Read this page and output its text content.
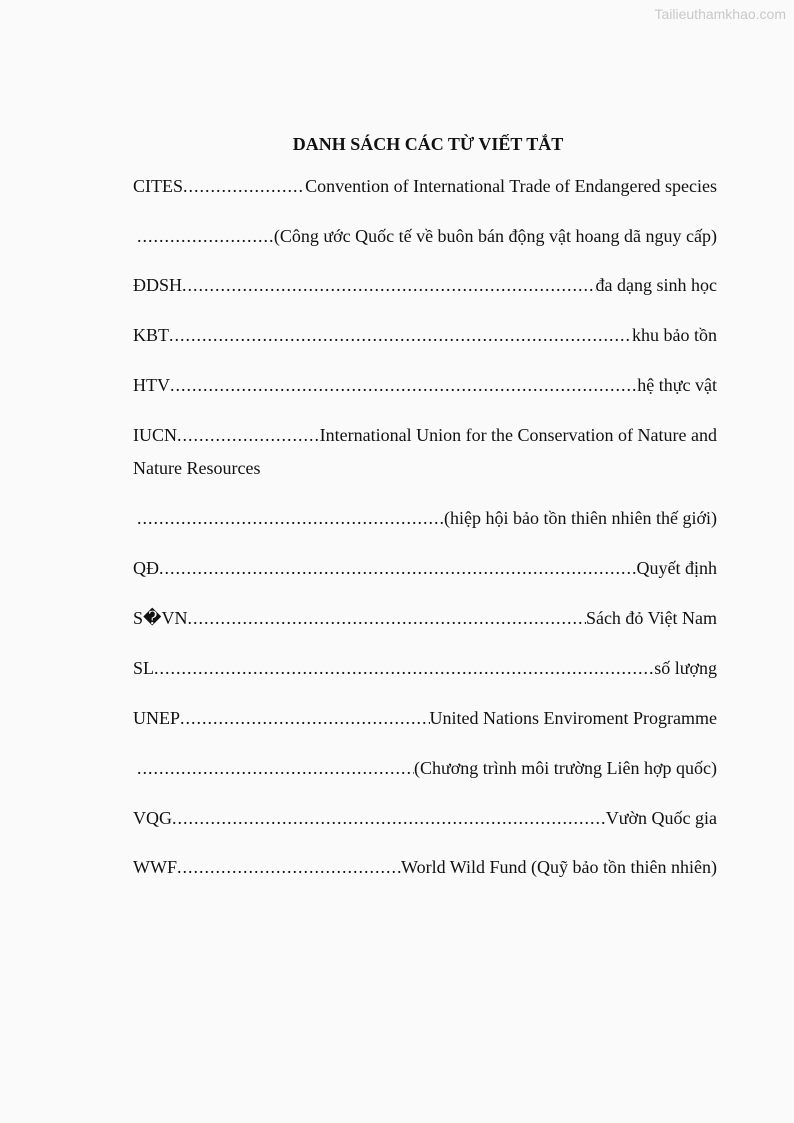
Tailieuthamkhao.com
DANH SÁCH CÁC TỪ VIẾT TẮT
CITES .....	Convention of International Trade of Endangered species
.....
(Công ước Quốc tế về buôn bán động vật hoang dã nguy cấp)
ĐDSH .....	đa dạng sinh học
KBT .....	khu bảo tồn
HTV .....	hệ thực vật
IUCN .....	International Union for the Conservation of Nature and
Nature Resources
.....
(hiệp hội bảo tồn thiên nhiên thế giới)
QĐ .....	Quyết định
S�VN .....	Sách đỏ Việt Nam
SL .....	số lượng
UNEP .....	United Nations Enviroment Programme
.....
(Chương trình môi trường Liên hợp quốc)
VQG .....	Vườn Quốc gia
WWF .....	World Wild Fund (Quỹ bảo tồn thiên nhiên)
